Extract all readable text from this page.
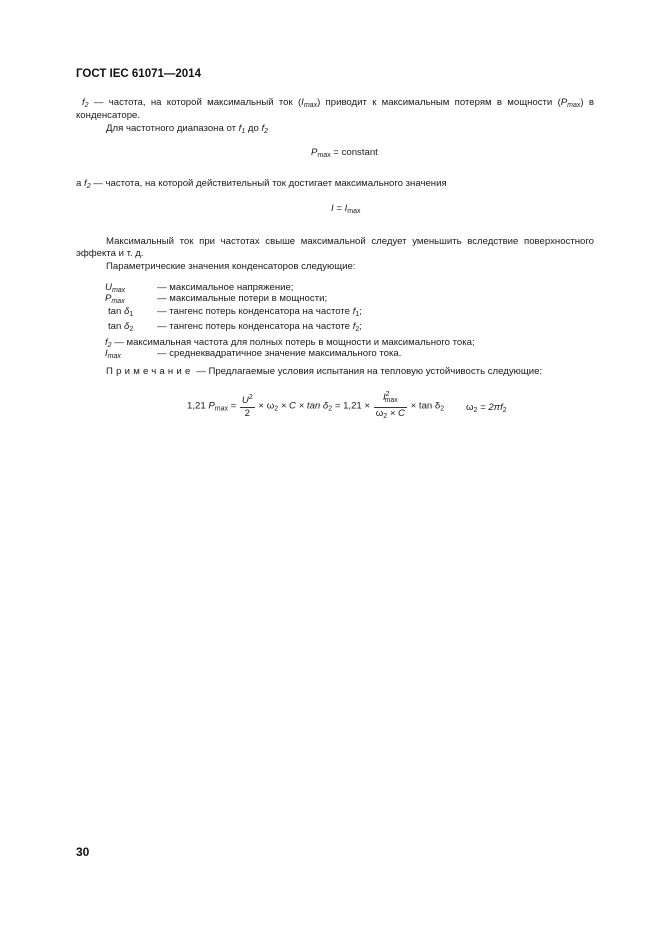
ГОСТ IEC 61071—2014
$f_2$ — частота, на которой максимальный ток $(I_{max})$ приводит к максимальным потерям в мощности $(P_{max})$ в
конденсаторе.
Для частотного диапазона от $f_1$ до $f_2$
$P_{max}$ = constant
а $f_2$ — частота, на которой действительный ток достигает максимального значения
$I = I_{max}$
Максимальный ток при частотах свыше максимальной следует уменьшить вследствие поверхностного
эффекта и т. д.
Параметрические значения конденсаторов следующие:
$U_{max}$	— максимальное напряжение;
$P_{max}$	— максимальные потери в мощности;
$\tan \delta_1$ — тангенс потерь конденсатора на частоте $f_1$;
$\tan \delta_2$ — тангенс потерь конденсатора на частоте $f_2$;
$f_2$ — максимальная частота для полных потерь в мощности и максимального тока;
$I_{max}$	— среднеквадратичное значение максимального тока.
Примечание — Предлагаемые условия испытания на тепловую устойчивость следующие:
1,21 $P_{max} = \frac{U^2}{2} \times \omega_2 \times C \times \tan \delta_2 = 1,21 \times \frac{I^2_{max}}{\omega_2 \times C} \times \tan \delta_2$ $\omega_2 = 2\pi f_2$
30
